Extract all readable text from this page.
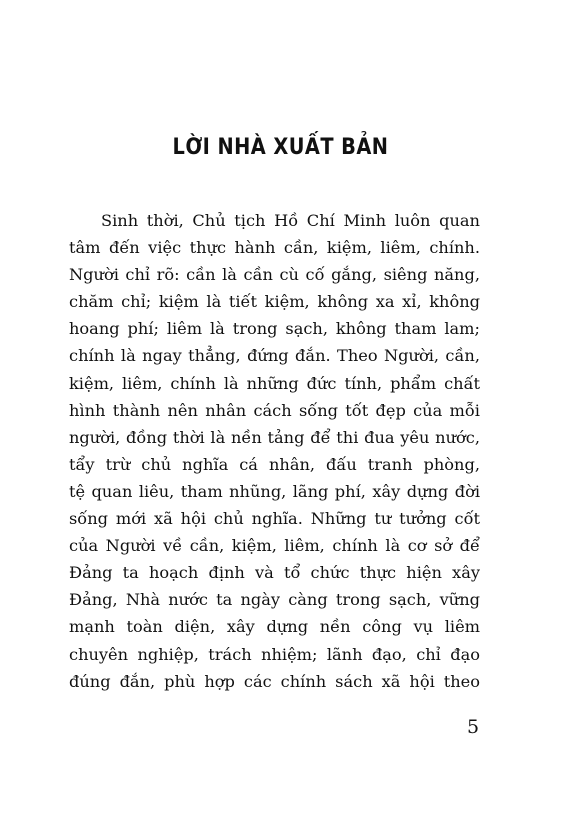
LỜI NHÀ XUẤT BẢN
Sinh thời, Chủ tịch Hồ Chí Minh luôn quan
tâm đến việc thực hành cần, kiệm, liêm, chính.
Người chỉ rõ: cần là cần cù cố gắng, siêng năng,
chăm chỉ; kiệm là tiết kiệm, không xa xỉ, không
hoang phí; liêm là trong sạch, không tham lam;
chính là ngay thẳng, đứng đắn. Theo Người, cần,
kiệm, liêm, chính là những đức tính, phẩm chất
hình thành nên nhân cách sống tốt đẹp của mỗi
người, đồng thời là nền tảng để thi đua yêu nước,
tẩy trừ chủ nghĩa cá nhân, đấu tranh phòng,
tệ quan liêu, tham nhũng, lãng phí, xây dựng đời
sống mới xã hội chủ nghĩa. Những tư tưởng cốt
của Người về cần, kiệm, liêm, chính là cơ sở để
Đảng ta hoạch định và tổ chức thực hiện xây
Đảng, Nhà nước ta ngày càng trong sạch, vững
mạnh toàn diện, xây dựng nền công vụ liêm
chuyên nghiệp, trách nhiệm; lãnh đạo, chỉ đạo
đúng đắn, phù hợp các chính sách xã hội theo
5
